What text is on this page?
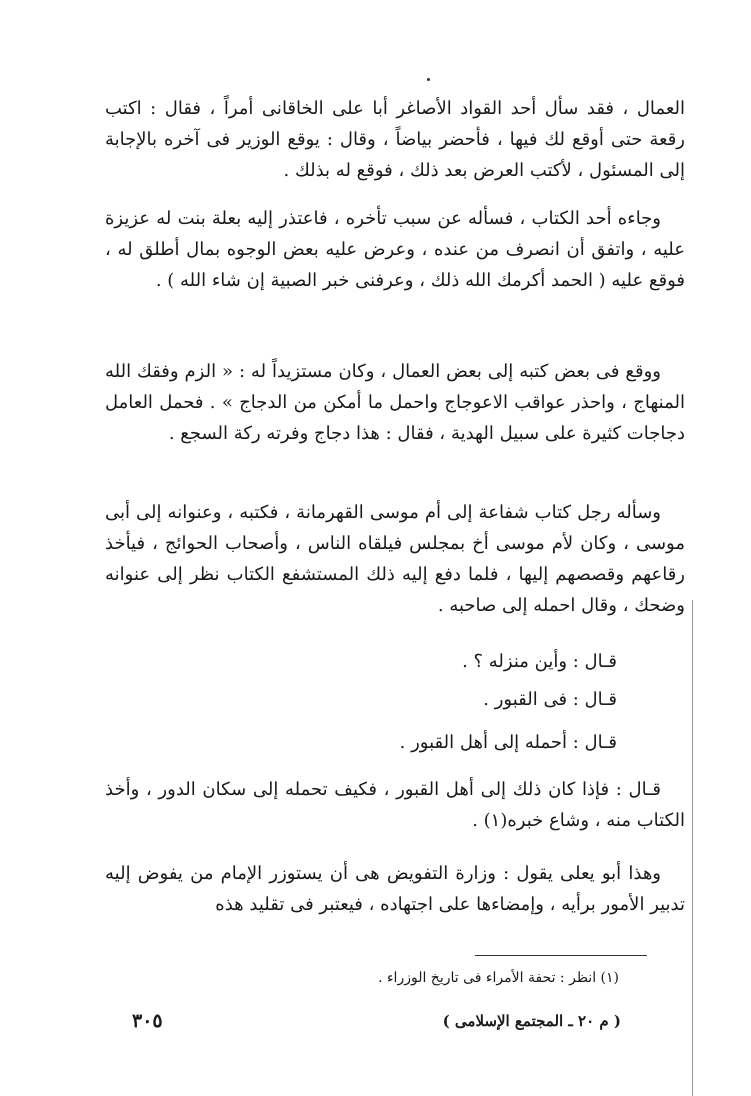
العمال ، فقد سأل أحد القواد الأصاغر أبا على الخاقانى أمراً ، فقال : اكتب رقعة حتى أوقع لك فيها ، فأحضر بياضاً ، وقال : يوقع الوزير فى آخره بالإجابة إلى المسئول ، لأكتب العرض بعد ذلك ، فوقع له بذلك .

وجاءه أحد الكتاب ، فسأله عن سبب تأخره ، فاعتذر إليه بعلة بنت له عزيزة عليه ، واتفق أن انصرف من عنده ، وعرض عليه بعض الوجوه بمال أطلق له ، فوقع عليه ( الحمد أكرمك الله ذلك ، وعرفنى خبر الصبية إن شاء الله ) .

ووقع فى بعض كتبه إلى بعض العمال ، وكان مستزيداً له : « الزم وفقك الله المنهاج ، واحذر عواقب الاعوجاج واحمل ما أمكن من الدجاج » . فحمل العامل دجاجات كثيرة على سبيل الهدية ، فقال : هذا دجاج وفرته ركة السجع .

وسأله رجل كتاب شفاعة إلى أم موسى القهرمانة ، فكتبه ، وعنوانه إلى أبى موسى ، وكان لأم موسى أخ بمجلس فيلقاه الناس ، وأصحاب الحوائج ، فيأخذ رقاعهم وقصصهم إليها ، فلما دفع إليه ذلك المستشفع الكتاب نظر إلى عنوانه وضحك ، وقال احمله إلى صاحبه .

قـال : وأين منزله ؟ .

قـال : فى القبور .

قـال : أحمله إلى أهل القبور .

قـال : فإذا كان ذلك إلى أهل القبور ، فكيف تحمله إلى سكان الدور ، وأخذ الكتاب منه ، وشاع خبره(١) .

وهذا أبو يعلى يقول : وزارة التفويض هى أن يستوزر الإمام من يفوض إليه تدبير الأمور برأيه ، وإمضاءها على اجتهاده ، فيعتبر فى تقليد هذه

(١) انظر : تحفة الأمراء فى تاريخ الوزراء .

٣٠٥	( م ٢٠ ـ المجتمع الإسلامى )
